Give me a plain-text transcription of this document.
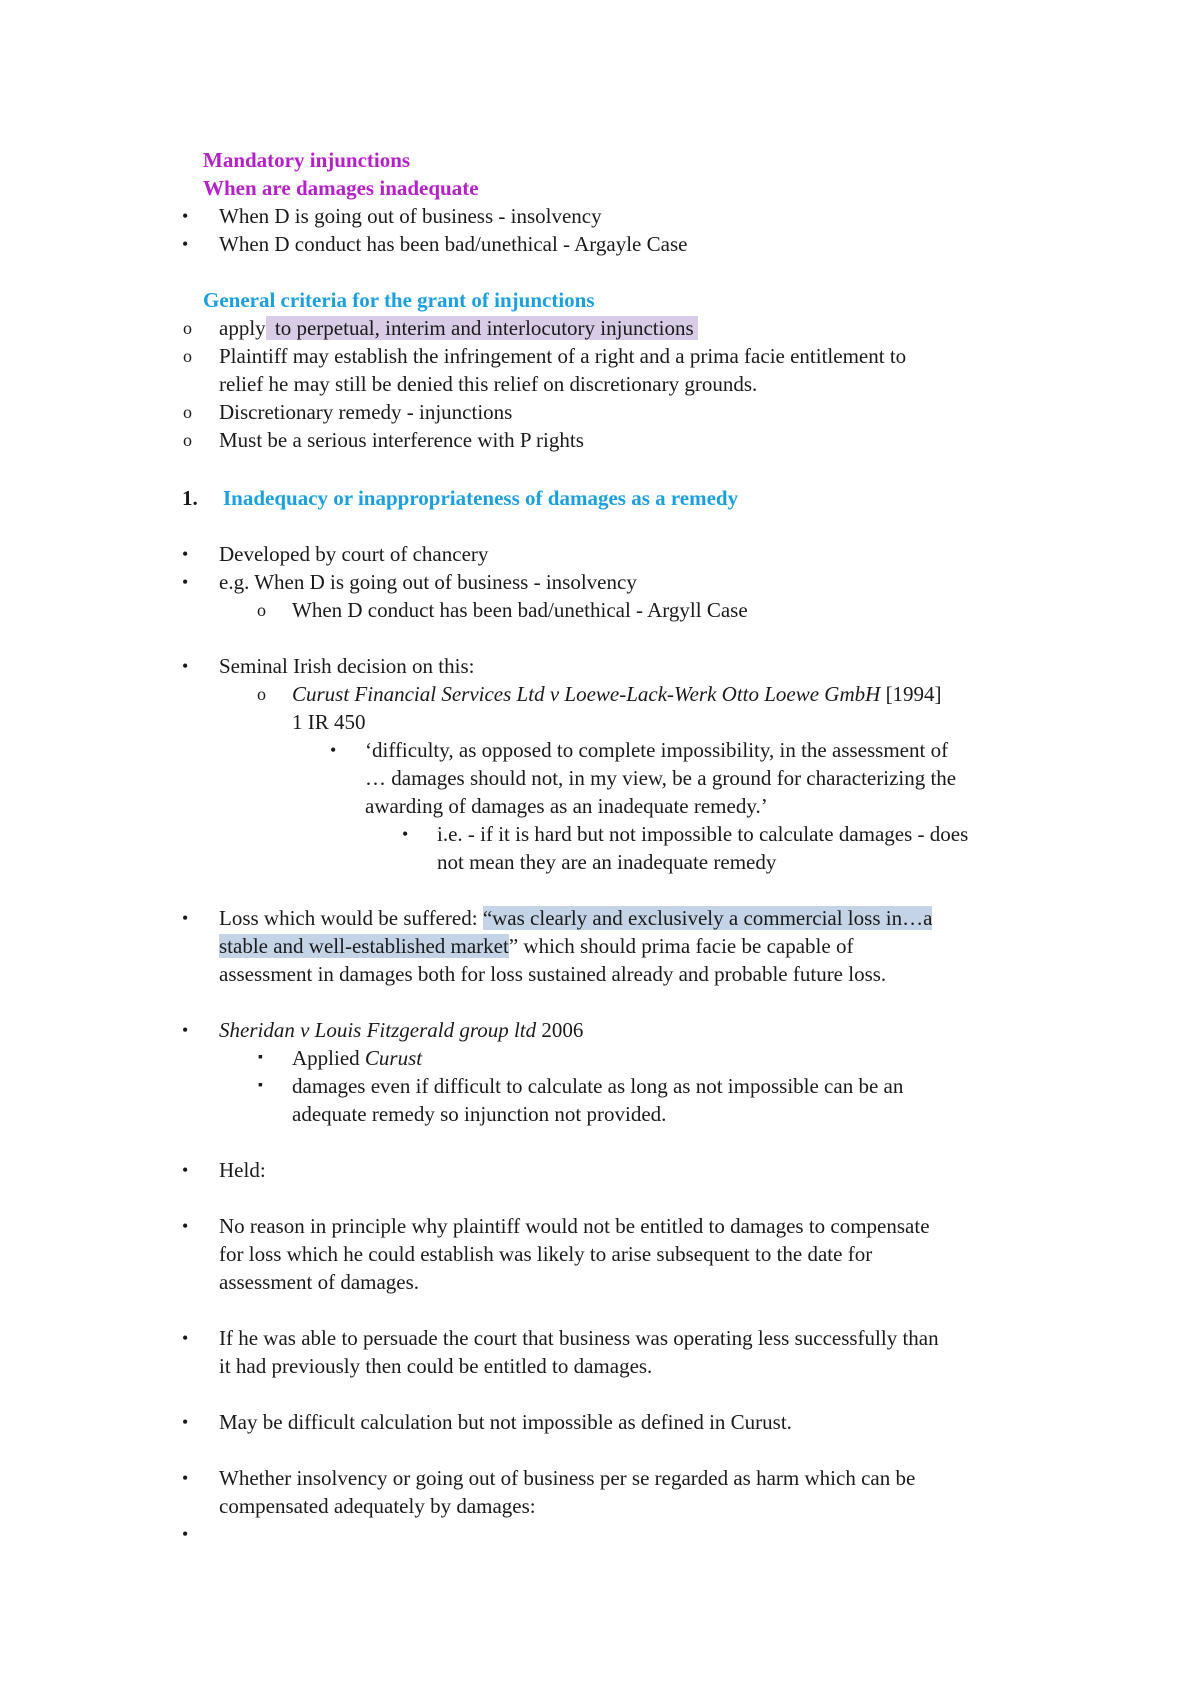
Mandatory injunctions
When are damages inadequate
• When D is going out of business - insolvency
• When D conduct has been bad/unethical - Argayle Case
General criteria for the grant of injunctions
o apply to perpetual, interim and interlocutory injunctions
o Plaintiff may establish the infringement of a right and a prima facie entitlement to
relief he may still be denied this relief on discretionary grounds.
o Discretionary remedy - injunctions
o Must be a serious interference with P rights
1. Inadequacy or inappropriateness of damages as a remedy
• Developed by court of chancery
• e.g. When D is going out of business - insolvency
o When D conduct has been bad/unethical - Argyll Case
• Seminal Irish decision on this:
o Curust Financial Services Ltd v Loewe-Lack-Werk Otto Loewe GmbH [1994]
1 IR 450
• ‘difficulty, as opposed to complete impossibility, in the assessment of
… damages should not, in my view, be a ground for characterizing the
awarding of damages as an inadequate remedy.’
• i.e. - if it is hard but not impossible to calculate damages - does
not mean they are an inadequate remedy
• Loss which would be suffered: “was clearly and exclusively a commercial loss in…a
stable and well-established market” which should prima facie be capable of
assessment in damages both for loss sustained already and probable future loss.
• Sheridan v Louis Fitzgerald group ltd 2006
▪ Applied Curust
▪ damages even if difficult to calculate as long as not impossible can be an
adequate remedy so injunction not provided.
• Held:
• No reason in principle why plaintiff would not be entitled to damages to compensate
for loss which he could establish was likely to arise subsequent to the date for
assessment of damages.
• If he was able to persuade the court that business was operating less successfully than
it had previously then could be entitled to damages.
• May be difficult calculation but not impossible as defined in Curust.
• Whether insolvency or going out of business per se regarded as harm which can be
compensated adequately by damages:
•
